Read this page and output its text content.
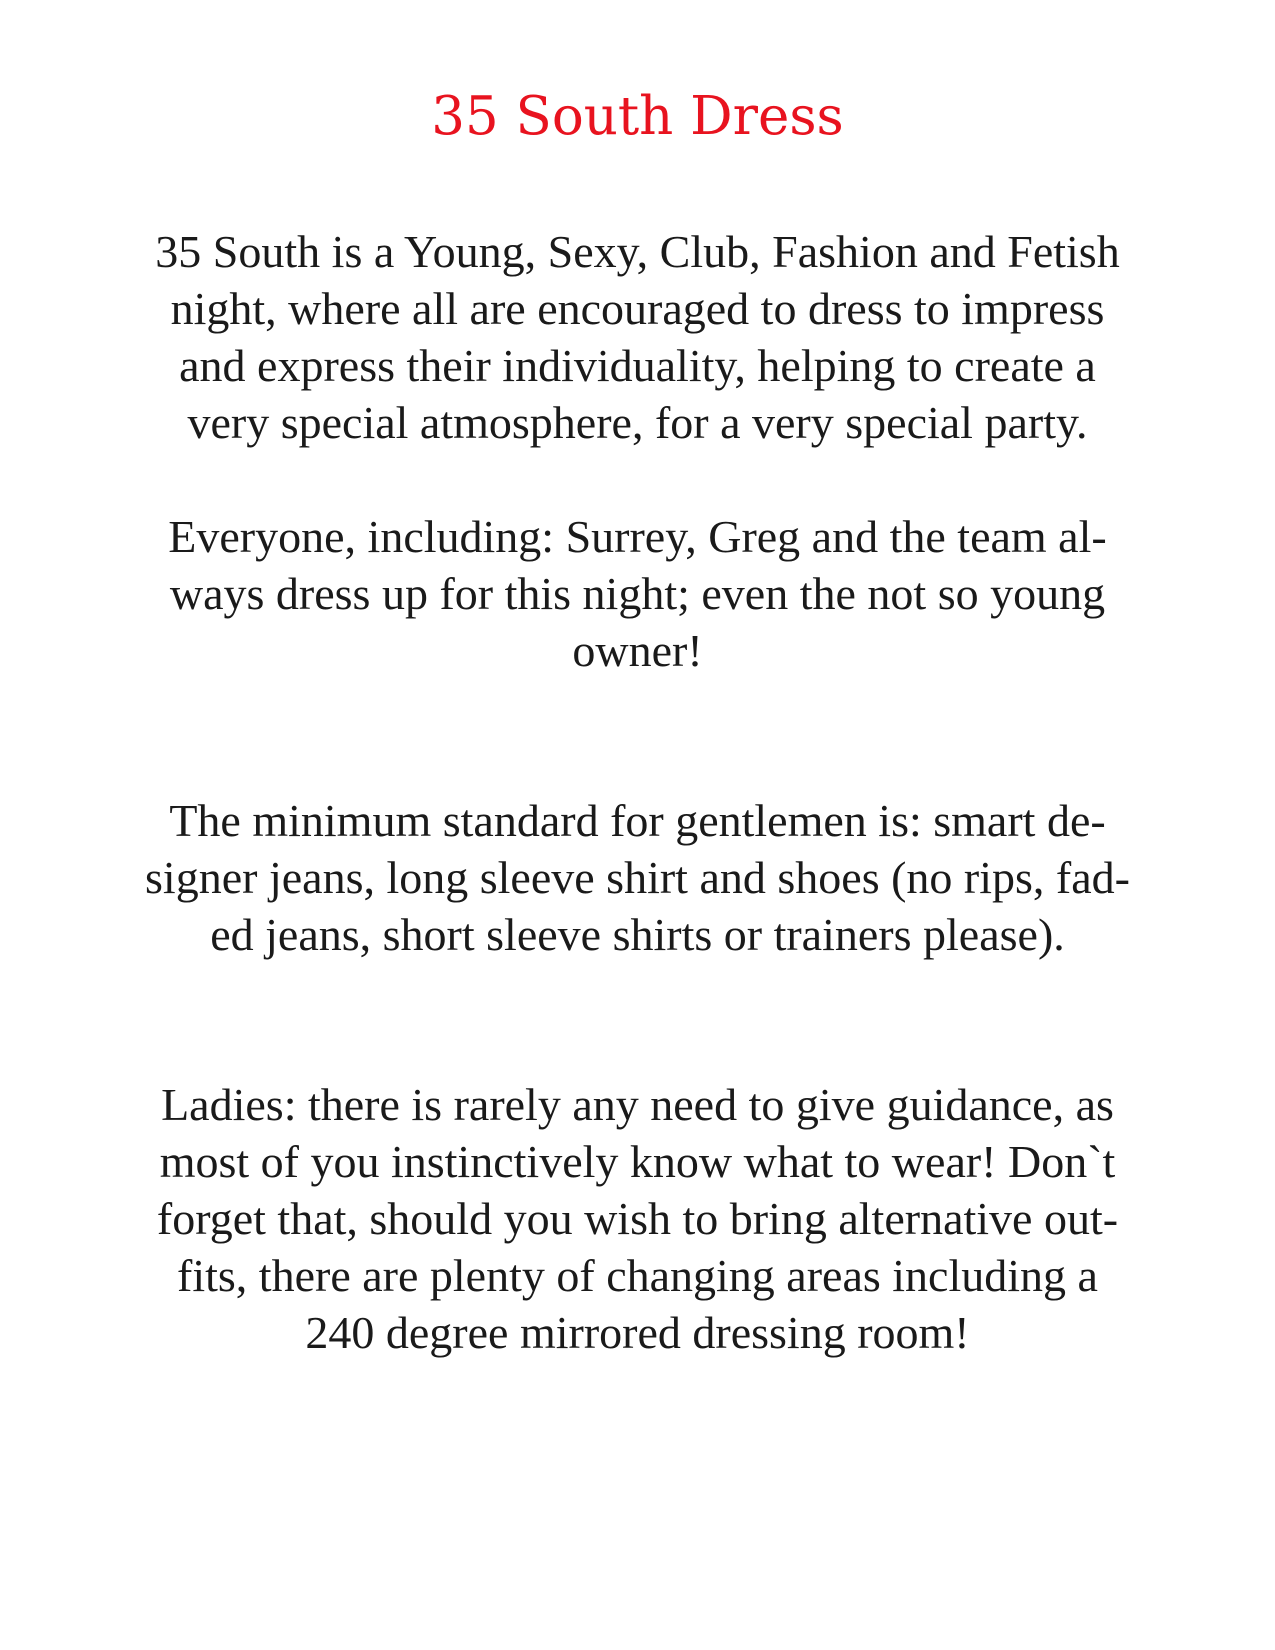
35 South Dress

35 South is a Young, Sexy, Club, Fashion and Fetish
night, where all are encouraged to dress to impress
and express their individuality, helping to create a
very special atmosphere, for a very special party.

Everyone, including: Surrey, Greg and the team al-
ways dress up for this night; even the not so young
owner!

The minimum standard for gentlemen is: smart de-
signer jeans, long sleeve shirt and shoes (no rips, fad-
ed jeans, short sleeve shirts or trainers please).

Ladies: there is rarely any need to give guidance, as
most of you instinctively know what to wear! Don`t
forget that, should you wish to bring alternative out-
fits, there are plenty of changing areas including a
240 degree mirrored dressing room!
